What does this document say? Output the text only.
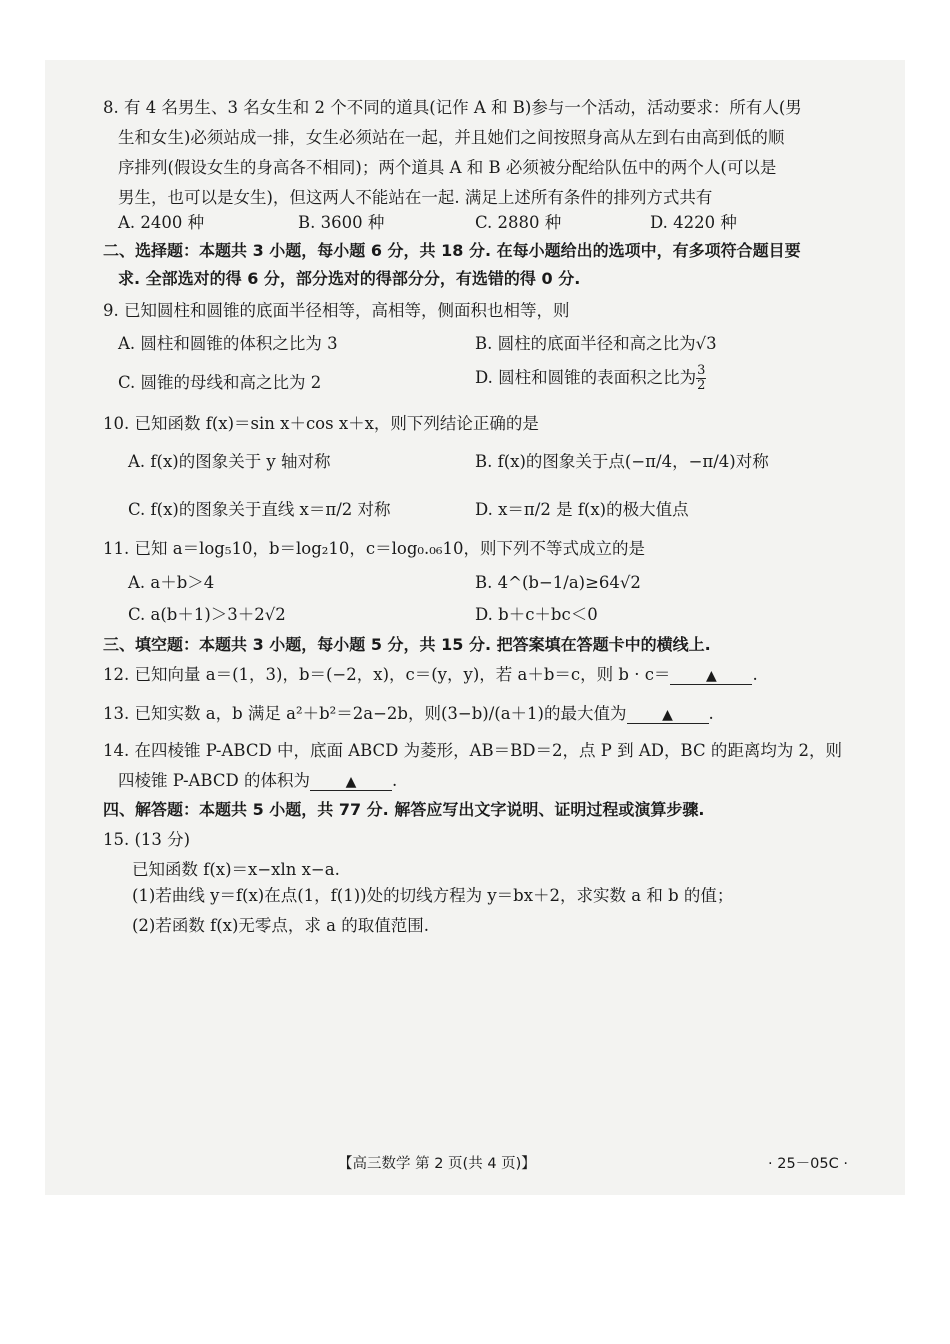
8. 有 4 名男生、3 名女生和 2 个不同的道具(记作 A 和 B)参与一个活动，活动要求：所有人(男
生和女生)必须站成一排，女生必须站在一起，并且她们之间按照身高从左到右由高到低的顺
序排列(假设女生的身高各不相同)；两个道具 A 和 B 必须被分配给队伍中的两个人(可以是
男生，也可以是女生)，但这两人不能站在一起. 满足上述所有条件的排列方式共有
A. 2400 种	B. 3600 种	C. 2880 种	D. 4220 种
二、选择题：本题共 3 小题，每小题 6 分，共 18 分. 在每小题给出的选项中，有多项符合题目要
求. 全部选对的得 6 分，部分选对的得部分分，有选错的得 0 分.
9. 已知圆柱和圆锥的底面半径相等，高相等，侧面积也相等，则
A. 圆柱和圆锥的体积之比为 3	B. 圆柱的底面半径和高之比为√3
C. 圆锥的母线和高之比为 2	D. 圆柱和圆锥的表面积之比为 $\frac{3}{2}$
10. 已知函数 f(x)＝sin x＋cos x＋x，则下列结论正确的是
A. f(x)的图象关于 y 轴对称	B. f(x)的图象关于点(−π/4，−π/4)对称
C. f(x)的图象关于直线 x＝π/2 对称	D. x＝π/2 是 f(x)的极大值点
11. 已知 a＝log₅10，b＝log₂10，c＝log₀.₀₆10，则下列不等式成立的是
A. a＋b＞4	B. 4^(b−1/a)≥64√2
C. a(b＋1)＞3＋2√2	D. b＋c＋bc＜0
三、填空题：本题共 3 小题，每小题 5 分，共 15 分. 把答案填在答题卡中的横线上.
12. 已知向量 a＝(1，3)，b＝(−2，x)，c＝(y，y)，若 a＋b＝c，则 b · c＝	▲ .
13. 已知实数 a，b 满足 a²＋b²＝2a−2b，则(3−b)/(a＋1)的最大值为	▲ .
14. 在四棱锥 P-ABCD 中，底面 ABCD 为菱形，AB＝BD＝2，点 P 到 AD，BC 的距离均为 2，则
四棱锥 P-ABCD 的体积为	▲ .
四、解答题：本题共 5 小题，共 77 分. 解答应写出文字说明、证明过程或演算步骤.
15. (13 分)
已知函数 f(x)＝x−xln x−a.
(1)若曲线 y＝f(x)在点(1，f(1))处的切线方程为 y＝bx＋2，求实数 a 和 b 的值；
(2)若函数 f(x)无零点，求 a 的取值范围.
【高三数学 第 2 页(共 4 页)】	· 25－05C ·
